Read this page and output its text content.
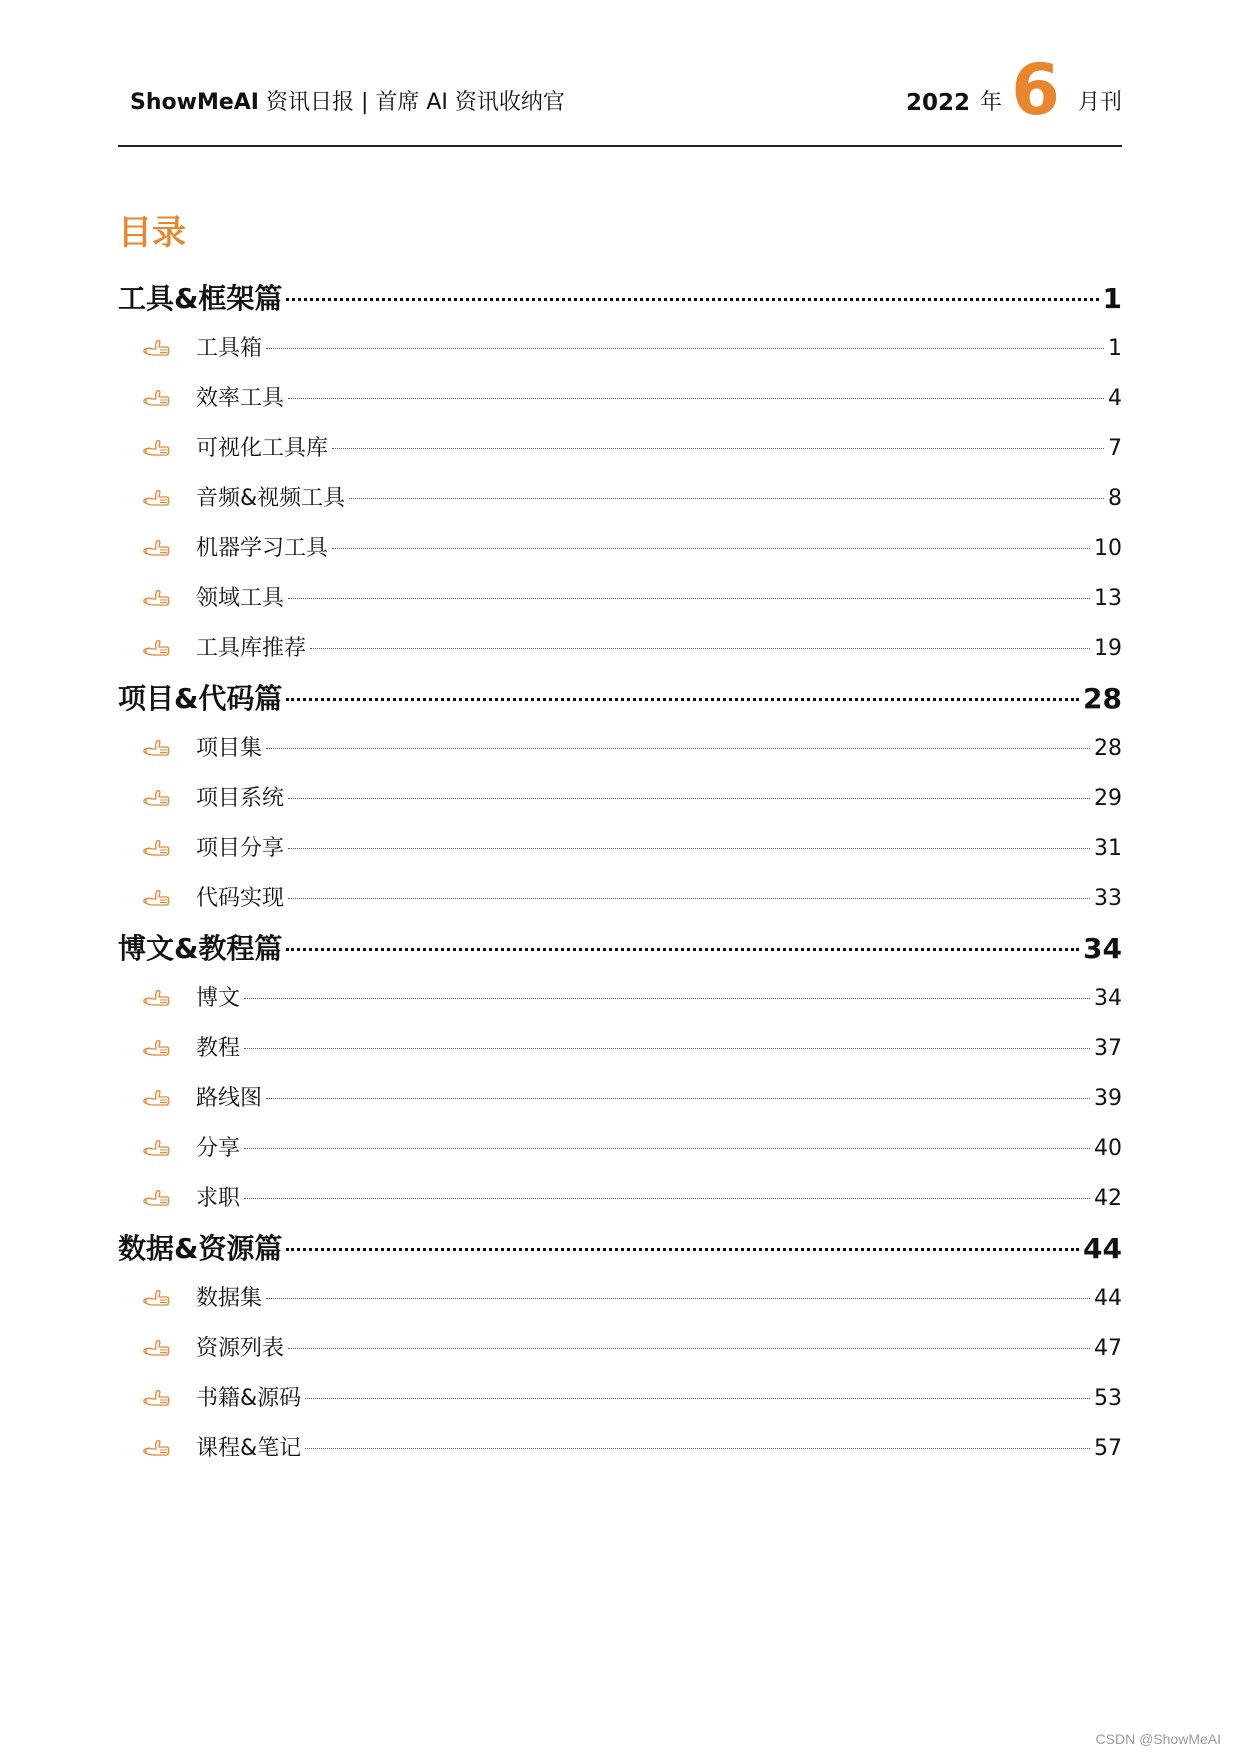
ShowMeAI 资讯日报 | 首席 AI 资讯收纳官	2022 年 6 月刊
目录
工具&框架篇	1
工具箱	1
效率工具	4
可视化工具库	7
音频&视频工具	8
机器学习工具	10
领域工具	13
工具库推荐	19
项目&代码篇	28
项目集	28
项目系统	29
项目分享	31
代码实现	33
博文&教程篇	34
博文	34
教程	37
路线图	39
分享	40
求职	42
数据&资源篇	44
数据集	44
资源列表	47
书籍&源码	53
课程&笔记	57
CSDN @ShowMeAI
